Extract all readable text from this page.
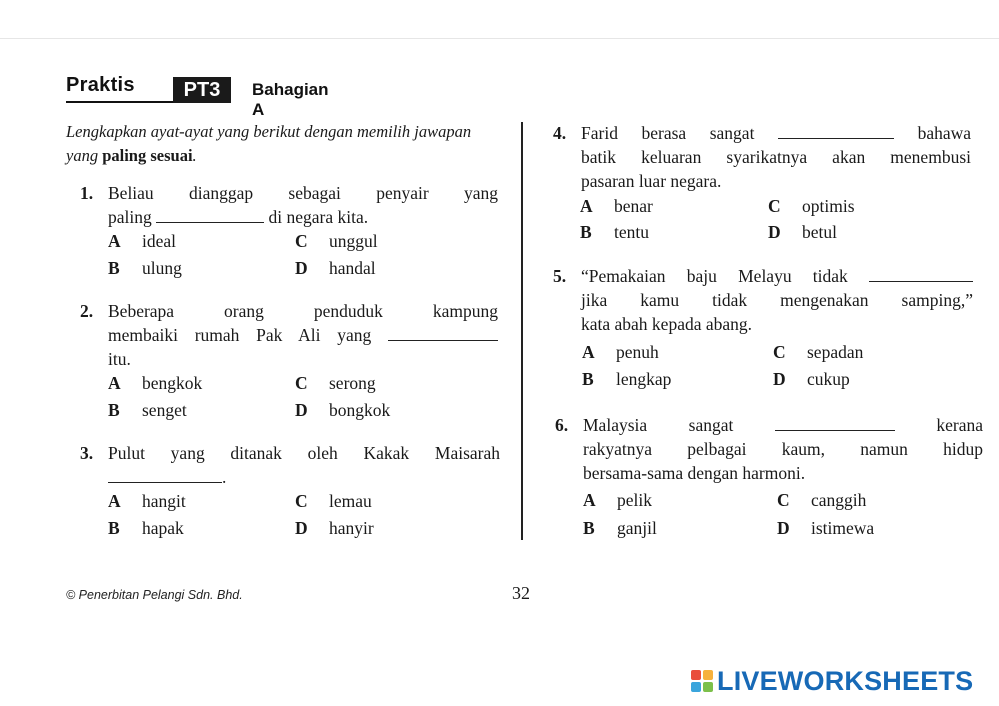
Praktis	PT3	Bahagian A
Lengkapkan ayat-ayat yang berikut dengan memilih jawapan yang paling sesuai.
1. Beliau dianggap sebagai penyair yang
paling	di negara kita.
A ideal	C unggul
B ulung	D handal
2. Beberapa orang penduduk kampung
membaiki rumah Pak Ali yang
itu.
A bengkok	C serong
B senget	D bongkok
3. Pulut yang ditanak oleh Kakak Maisarah
.
A hangit	C lemau
B hapak	D hanyir
4. Farid berasa sangat	bahawa
batik keluaran syarikatnya akan menembusi
pasaran luar negara.
A benar	C optimis
B tentu	D betul
5. “Pemakaian baju Melayu tidak
jika kamu tidak mengenakan samping,”
kata abah kepada abang.
A penuh	C sepadan
B lengkap	D cukup
6. Malaysia sangat	kerana
rakyatnya pelbagai kaum, namun hidup
bersama-sama dengan harmoni.
A pelik	C canggih
B ganjil	D istimewa
© Penerbitan Pelangi Sdn. Bhd.	32
LIVEWORKSHEETS
